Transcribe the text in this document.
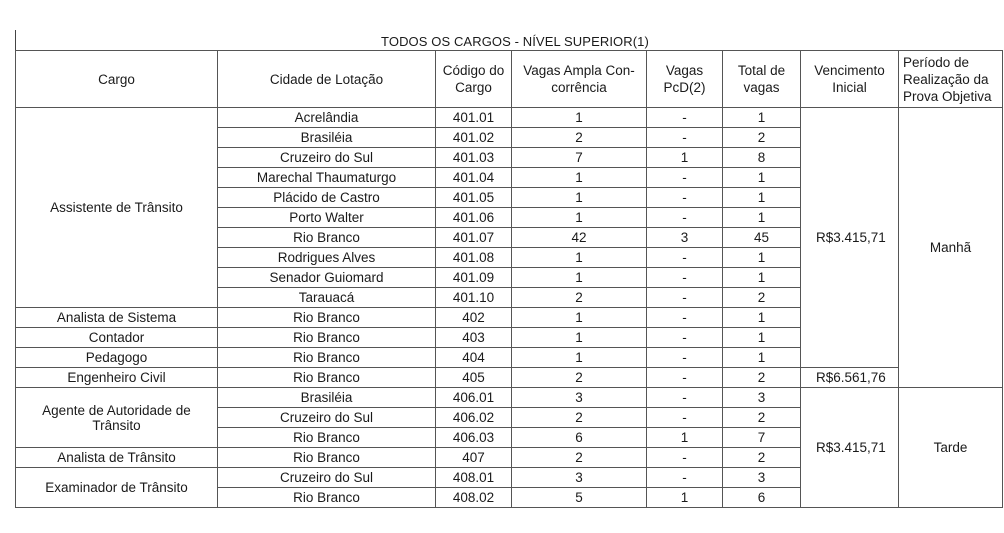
TODOS OS CARGOS - NÍVEL SUPERIOR(1)
Cargo	Cidade de Lotação	Código do Cargo	Vagas Ampla Con-corrência	Vagas PcD(2)	Total de vagas	Vencimento Inicial	Período de Realização da Prova Objetiva
Assistente de Trânsito	Acrelândia	401.01	1	-	1	R$3.415,71	Manhã
	Brasiléia	401.02	2	-	2		
	Cruzeiro do Sul	401.03	7	1	8		
	Marechal Thaumaturgo	401.04	1	-	1		
	Plácido de Castro	401.05	1	-	1		
	Porto Walter	401.06	1	-	1		
	Rio Branco	401.07	42	3	45		
	Rodrigues Alves	401.08	1	-	1		
	Senador Guiomard	401.09	1	-	1		
	Tarauacá	401.10	2	-	2		
Analista de Sistema	Rio Branco	402	1	-	1		
Contador	Rio Branco	403	1	-	1		
Pedagogo	Rio Branco	404	1	-	1		
Engenheiro Civil	Rio Branco	405	2	-	2	R$6.561,76	
Agente de Autoridade de Trânsito	Brasiléia	406.01	3	-	3	R$3.415,71	Tarde
	Cruzeiro do Sul	406.02	2	-	2		
	Rio Branco	406.03	6	1	7		
Analista de Trânsito	Rio Branco	407	2	-	2		
Examinador de Trânsito	Cruzeiro do Sul	408.01	3	-	3		
	Rio Branco	408.02	5	1	6		
